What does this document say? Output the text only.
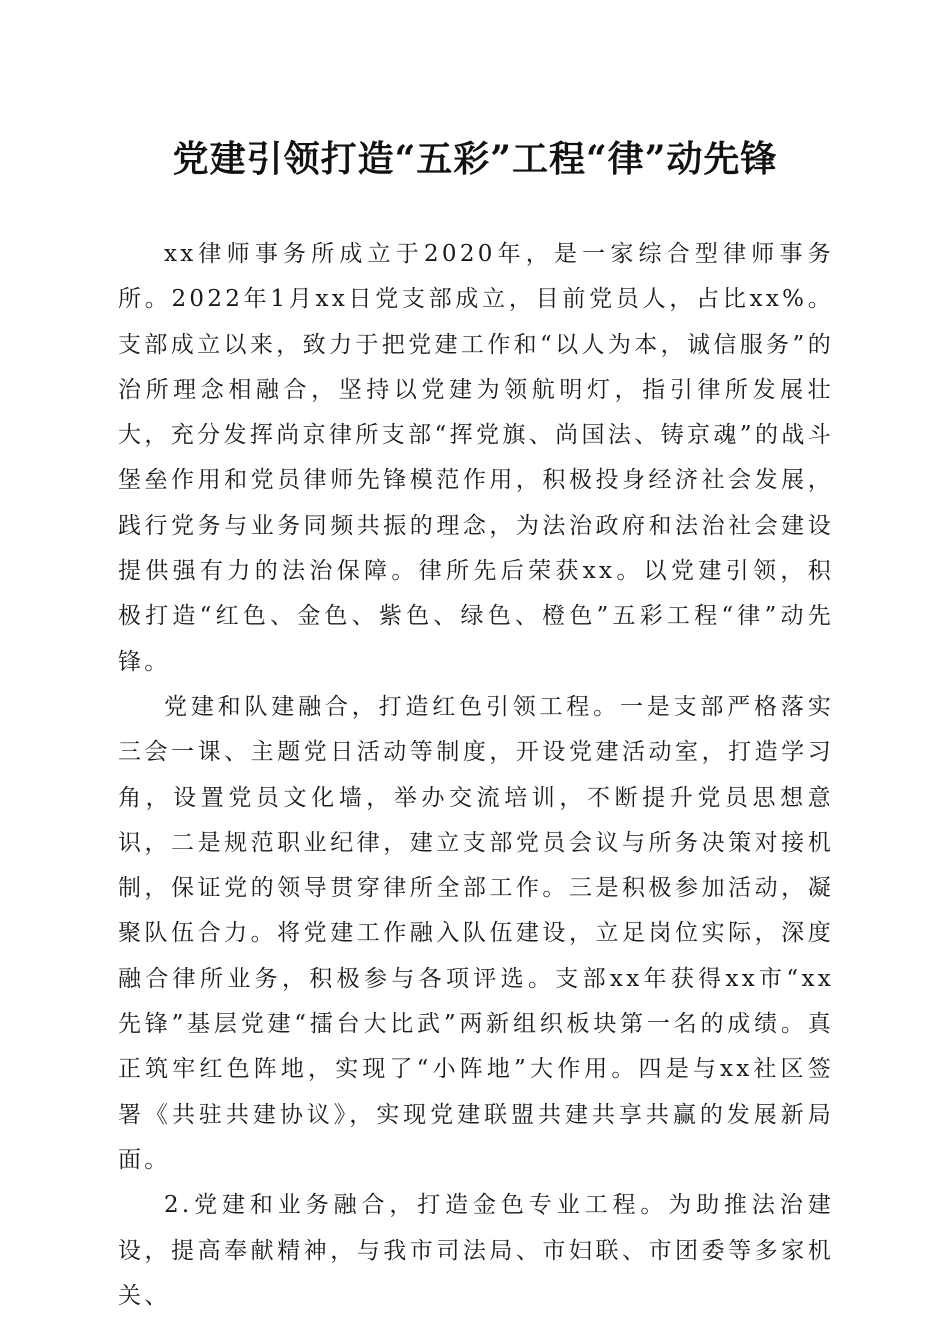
党建引领打造“五彩”工程“律”动先锋

xx律师事务所成立于2020年，是一家综合型律师事务所。2022年1月xx日党支部成立，目前党员人，占比xx%。支部成立以来，致力于把党建工作和“以人为本，诚信服务”的治所理念相融合，坚持以党建为领航明灯，指引律所发展壮大，充分发挥尚京律所支部“挥党旗、尚国法、铸京魂”的战斗堡垒作用和党员律师先锋模范作用，积极投身经济社会发展，践行党务与业务同频共振的理念，为法治政府和法治社会建设提供强有力的法治保障。律所先后荣获xx。以党建引领，积极打造“红色、金色、紫色、绿色、橙色”五彩工程“律”动先锋。

党建和队建融合，打造红色引领工程。一是支部严格落实三会一课、主题党日活动等制度，开设党建活动室，打造学习角，设置党员文化墙，举办交流培训，不断提升党员思想意识，二是规范职业纪律，建立支部党员会议与所务决策对接机制，保证党的领导贯穿律所全部工作。三是积极参加活动，凝聚队伍合力。将党建工作融入队伍建设，立足岗位实际，深度融合律所业务，积极参与各项评选。支部xx年获得xx市“xx先锋”基层党建“擂台大比武”两新组织板块第一名的成绩。真正筑牢红色阵地，实现了“小阵地”大作用。四是与xx社区签署《共驻共建协议》，实现党建联盟共建共享共赢的发展新局面。

2.党建和业务融合，打造金色专业工程。为助推法治建设，提高奉献精神，与我市司法局、市妇联、市团委等多家机关、
